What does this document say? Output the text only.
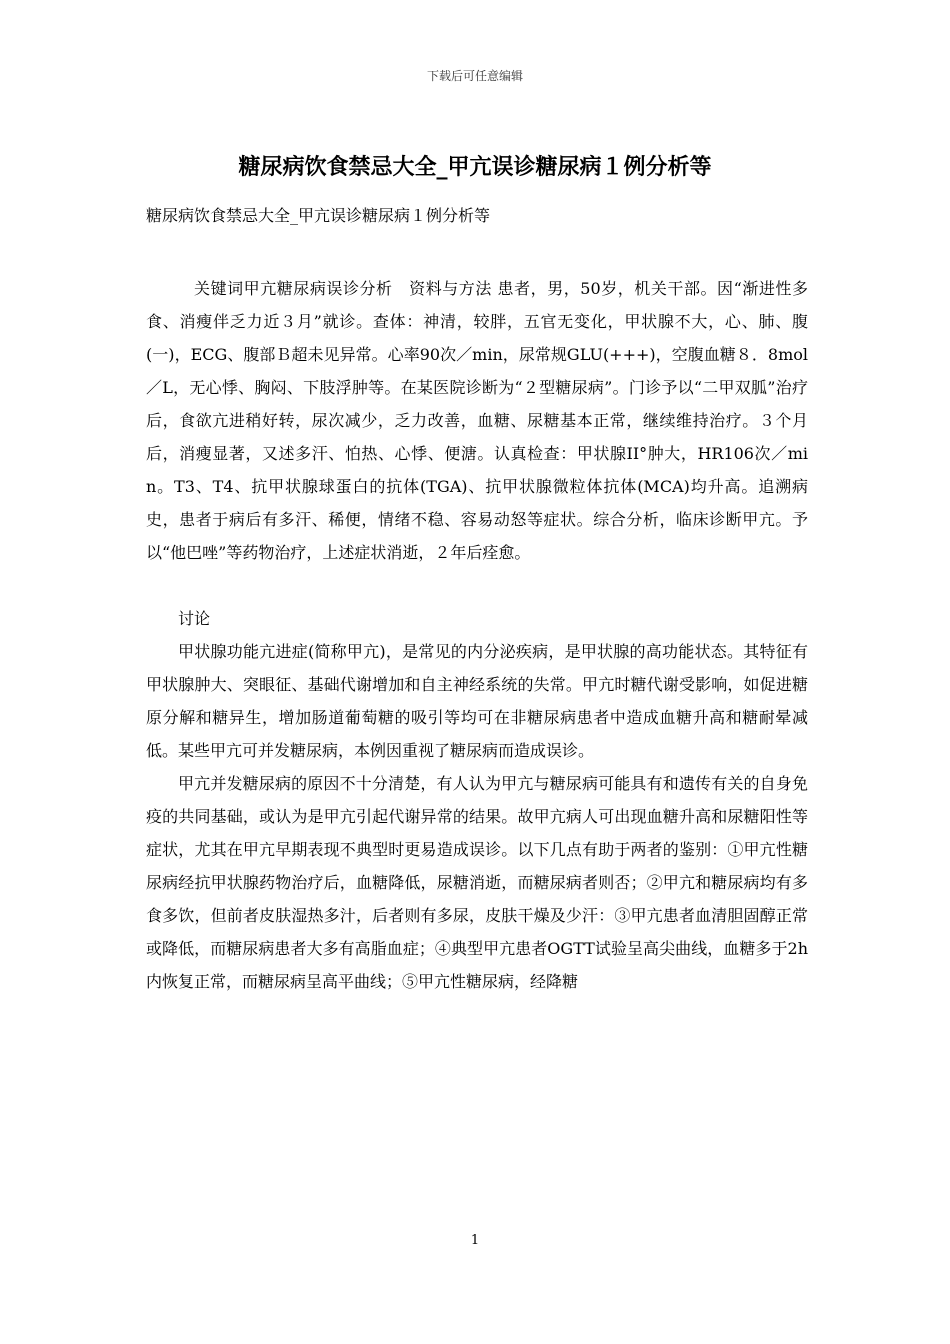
下载后可任意编辑
糖尿病饮食禁忌大全_甲亢误诊糖尿病１例分析等

糖尿病饮食禁忌大全_甲亢误诊糖尿病１例分析等

关键词甲亢糖尿病误诊分析　资料与方法 患者，男，50岁，机关干部。因“渐进性多食、消瘦伴乏力近３月”就诊。查体：神清，较胖，五官无变化，甲状腺不大，心、肺、腹(一)，ECG、腹部Ｂ超未见异常。心率90次／min，尿常规GLU(+++)，空腹血糖８．8mol／L，无心悸、胸闷、下肢浮肿等。在某医院诊断为“２型糖尿病”。门诊予以“二甲双胍”治疗后，食欲亢进稍好转，尿次减少，乏力改善，血糖、尿糖基本正常，继续维持治疗。３个月后，消瘦显著，又述多汗、怕热、心悸、便溏。认真检查：甲状腺II°肿大，HR106次／min。T3、T4、抗甲状腺球蛋白的抗体(TGA)、抗甲状腺微粒体抗体(MCA)均升高。追溯病史，患者于病后有多汗、稀便，情绪不稳、容易动怒等症状。综合分析，临床诊断甲亢。予以“他巴唑”等药物治疗，上述症状消逝，２年后痊愈。

讨论

甲状腺功能亢进症(简称甲亢)，是常见的内分泌疾病，是甲状腺的高功能状态。其特征有甲状腺肿大、突眼征、基础代谢增加和自主神经系统的失常。甲亢时糖代谢受影响，如促进糖原分解和糖异生，增加肠道葡萄糖的吸引等均可在非糖尿病患者中造成血糖升高和糖耐晕减低。某些甲亢可并发糖尿病，本例因重视了糖尿病而造成误诊。

甲亢并发糖尿病的原因不十分清楚，有人认为甲亢与糖尿病可能具有和遗传有关的自身免疫的共同基础，或认为是甲亢引起代谢异常的结果。故甲亢病人可出现血糖升高和尿糖阳性等症状，尤其在甲亢早期表现不典型时更易造成误诊。以下几点有助于两者的鉴别：①甲亢性糖尿病经抗甲状腺药物治疗后，血糖降低，尿糖消逝，而糖尿病者则否；②甲亢和糖尿病均有多食多饮，但前者皮肤湿热多汁，后者则有多尿，皮肤干燥及少汗：③甲亢患者血清胆固醇正常或降低，而糖尿病患者大多有高脂血症；④典型甲亢患者OGTT试验呈高尖曲线，血糖多于2h内恢复正常，而糖尿病呈高平曲线；⑤甲亢性糖尿病，经降糖

1
